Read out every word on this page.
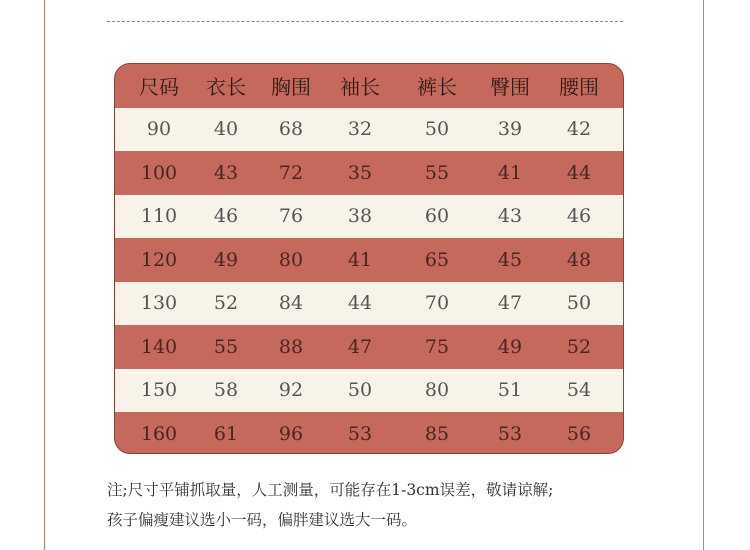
尺码	衣长	胸围	袖长	裤长	臀围	腰围
90	40	68	32	50	39	42
100	43	72	35	55	41	44
110	46	76	38	60	43	46
120	49	80	41	65	45	48
130	52	84	44	70	47	50
140	55	88	47	75	49	52
150	58	92	50	80	51	54
160	61	96	53	85	53	56
注;尺寸平铺抓取量，人工测量，可能存在1-3cm误差，敬请谅解;
孩子偏瘦建议选小一码，偏胖建议选大一码。
